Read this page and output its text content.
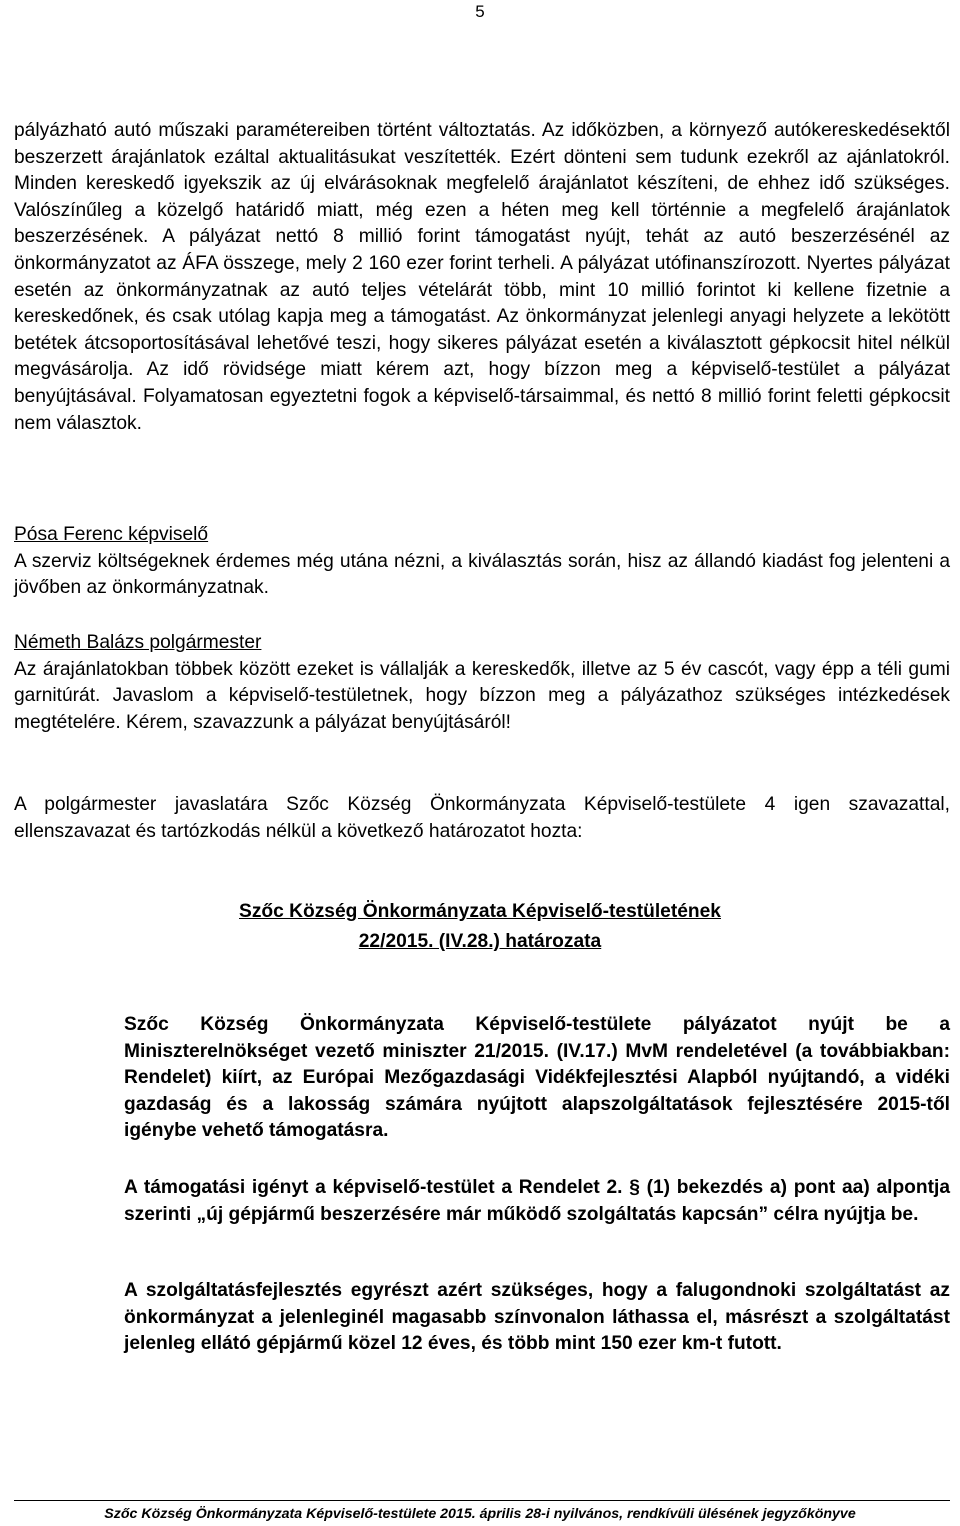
5

pályázható autó műszaki paramétereiben történt változtatás. Az időközben, a környező autókereskedésektől beszerzett árajánlatok ezáltal aktualitásukat veszítették. Ezért dönteni sem tudunk ezekről az ajánlatokról. Minden kereskedő igyekszik az új elvárásoknak megfelelő árajánlatot készíteni, de ehhez idő szükséges. Valószínűleg a közelgő határidő miatt, még ezen a héten meg kell történnie a megfelelő árajánlatok beszerzésének. A pályázat nettó 8 millió forint támogatást nyújt, tehát az autó beszerzésénél az önkormányzatot az ÁFA összege, mely 2 160 ezer forint terheli. A pályázat utófinanszírozott. Nyertes pályázat esetén az önkormányzatnak az autó teljes vételárát több, mint 10 millió forintot ki kellene fizetnie a kereskedőnek, és csak utólag kapja meg a támogatást. Az önkormányzat jelenlegi anyagi helyzete a lekötött betétek átcsoportosításával lehetővé teszi, hogy sikeres pályázat esetén a kiválasztott gépkocsit hitel nélkül megvásárolja. Az idő rövidsége miatt kérem azt, hogy bízzon meg a képviselő-testület a pályázat benyújtásával. Folyamatosan egyeztetni fogok a képviselő-társaimmal, és nettó 8 millió forint feletti gépkocsit nem választok.

Pósa Ferenc képviselő
A szerviz költségeknek érdemes még utána nézni, a kiválasztás során, hisz az állandó kiadást fog jelenteni a jövőben az önkormányzatnak.
Németh Balázs polgármester
Az árajánlatokban többek között ezeket is vállalják a kereskedők, illetve az 5 év cascót, vagy épp a téli gumi garnitúrát. Javaslom a képviselő-testületnek, hogy bízzon meg a pályázathoz szükséges intézkedések megtételére. Kérem, szavazzunk a pályázat benyújtásáról!

A polgármester javaslatára Szőc Község Önkormányzata Képviselő-testülete 4 igen szavazattal, ellenszavazat és tartózkodás nélkül a következő határozatot hozta:

Szőc Község Önkormányzata Képviselő-testületének
22/2015. (IV.28.) határozata

Szőc Község Önkormányzata Képviselő-testülete pályázatot nyújt be a Miniszterelnökséget vezető miniszter 21/2015. (IV.17.) MvM rendeletével (a továbbiakban: Rendelet) kiírt, az Európai Mezőgazdasági Vidékfejlesztési Alapból nyújtandó, a vidéki gazdaság és a lakosság számára nyújtott alapszolgáltatások fejlesztésére 2015-től igénybe vehető támogatásra.

A támogatási igényt a képviselő-testület a Rendelet 2. § (1) bekezdés a) pont aa) alpontja szerinti „új gépjármű beszerzésére már működő szolgáltatás kapcsán” célra nyújtja be.

A szolgáltatásfejlesztés egyrészt azért szükséges, hogy a falugondnoki szolgáltatást az önkormányzat a jelenleginél magasabb színvonalon láthassa el, másrészt a szolgáltatást jelenleg ellátó gépjármű közel 12 éves, és több mint 150 ezer km-t futott.

Szőc Község Önkormányzata Képviselő-testülete 2015. április 28-i nyilvános, rendkívüli ülésének jegyzőkönyve
